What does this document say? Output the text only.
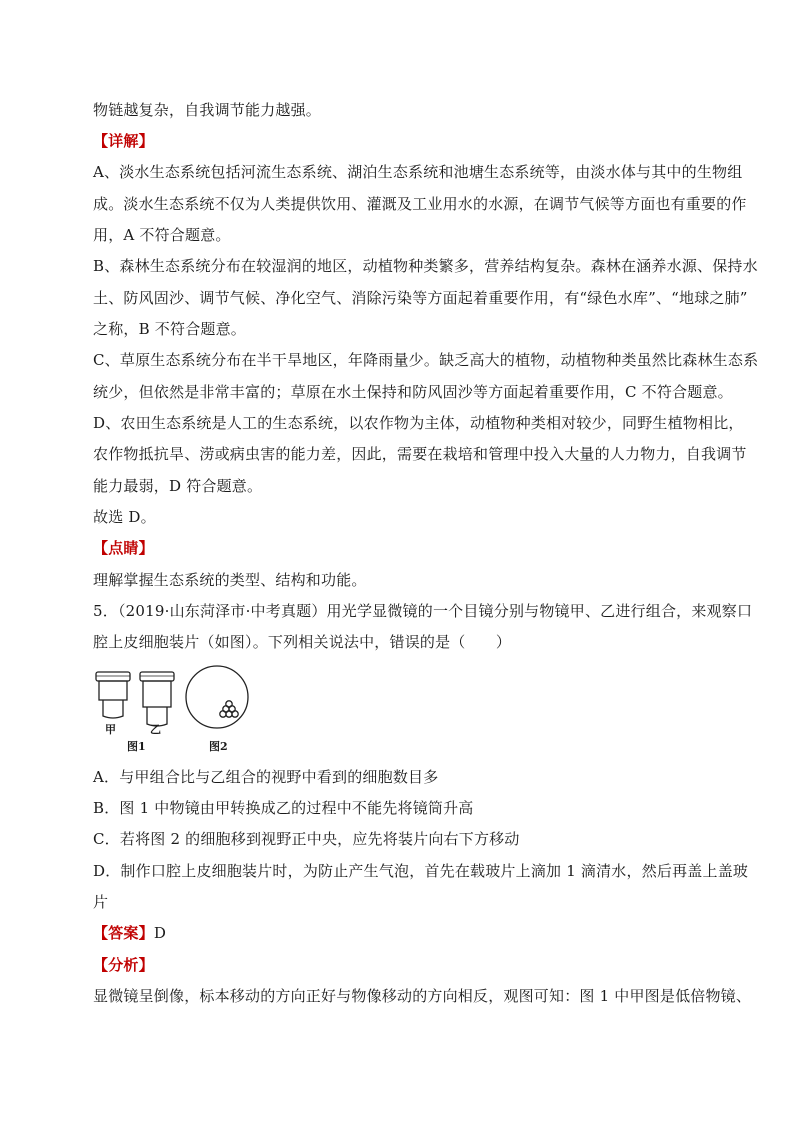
物链越复杂，自我调节能力越强。
【详解】
A、淡水生态系统包括河流生态系统、湖泊生态系统和池塘生态系统等，由淡水体与其中的生物组
成。淡水生态系统不仅为人类提供饮用、灌溉及工业用水的水源，在调节气候等方面也有重要的作
用，A 不符合题意。
B、森林生态系统分布在较湿润的地区，动植物种类繁多，营养结构复杂。森林在涵养水源、保持水
土、防风固沙、调节气候、净化空气、消除污染等方面起着重要作用，有“绿色水库”、“地球之肺”
之称，B 不符合题意。
C、草原生态系统分布在半干旱地区，年降雨量少。缺乏高大的植物，动植物种类虽然比森林生态系
统少，但依然是非常丰富的；草原在水土保持和防风固沙等方面起着重要作用，C 不符合题意。
D、农田生态系统是人工的生态系统，以农作物为主体，动植物种类相对较少，同野生植物相比，
农作物抵抗旱、涝或病虫害的能力差，因此，需要在栽培和管理中投入大量的人力物力，自我调节
能力最弱，D 符合题意。
故选 D。
【点睛】
理解掌握生态系统的类型、结构和功能。
5．（2019·山东菏泽市·中考真题）用光学显微镜的一个目镜分别与物镜甲、乙进行组合，来观察口
腔上皮细胞装片（如图）。下列相关说法中，错误的是（　　）
甲	乙
图1	图2
A．与甲组合比与乙组合的视野中看到的细胞数目多
B．图 1 中物镜由甲转换成乙的过程中不能先将镜筒升高
C．若将图 2 的细胞移到视野正中央，应先将装片向右下方移动
D．制作口腔上皮细胞装片时，为防止产生气泡，首先在载玻片上滴加 1 滴清水，然后再盖上盖玻
片
【答案】D
【分析】
显微镜呈倒像，标本移动的方向正好与物像移动的方向相反，观图可知：图 1 中甲图是低倍物镜、
